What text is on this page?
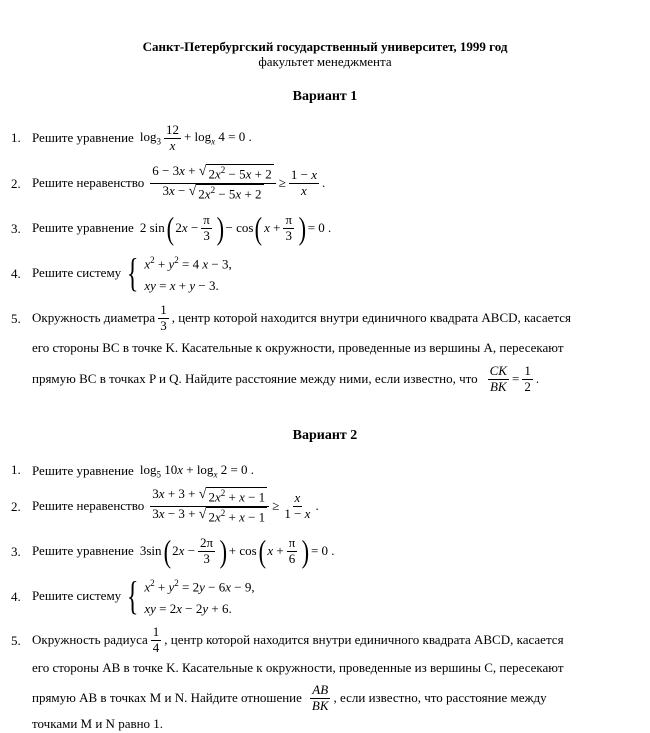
Санкт-Петербургский государственный университет, 1999 год
факультет менеджмента
Вариант 1
1. Решите уравнение $\log_3 \frac{12}{x} + \log_x 4 = 0$ .
2. Решите неравенство $\frac{6 - 3x + √ 2x^2 - 5x + 2}{3x - √ 2x^2 - 5x + 2} \ge \frac{1 - x}{x}$ .
3. Решите уравнение 2 sin ( $2x - \frac{\pi}{3}$ ) − cos ( $x + \frac{\pi}{3}$ ) = 0 .
4. Решите систему { $x^2 + y^2 = 4$ x − 3,
xy = x + y − 3.
5. Окружность диаметра $\frac{1}{3}$ , центр которой находится внутри единичного квадрата ABCD, касается
его стороны BC в точке K. Касательные к окружности, проведенные из вершины A, пересекают
прямую BC в точках P и Q. Найдите расстояние между ними, если известно, что $\frac{CK}{BK} = \frac{1}{2}$ .
Вариант 2
1. Решите уравнение $\log_5 10x + \log_x 2 = 0$ .
2. Решите неравенство $\frac{3x + 3 + √ 2x^2 + x - 1}{3x - 3 + √ 2x^2 + x - 1} \ge \frac{x}{1 - x}$ .
3. Решите уравнение 3sin ( $2x - \frac{2\pi}{3}$ ) + cos ( $x + \frac{\pi}{6}$ ) = 0 .
4. Решите систему { $x^2 + y^2 = 2y - 6x - 9$,
xy = 2x − 2y + 6.
5. Окружность радиуса $\frac{1}{4}$ , центр которой находится внутри единичного квадрата ABCD, касается
его стороны AB в точке K. Касательные к окружности, проведенные из вершины C, пересекают
прямую AB в точках M и N. Найдите отношение $\frac{AB}{BK}$ , если известно, что расстояние между
точками M и N равно 1.
